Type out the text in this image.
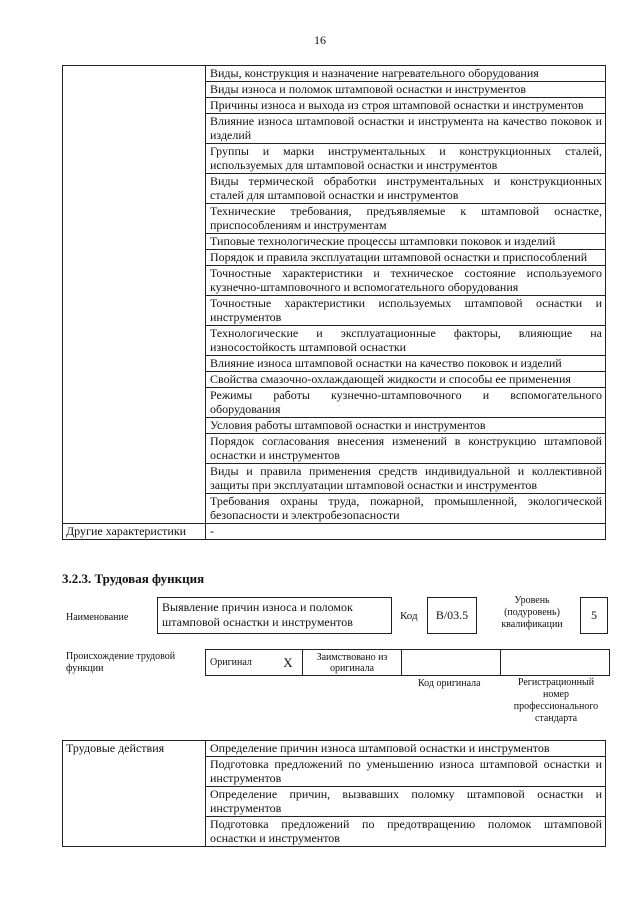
16
	Виды, конструкция и назначение нагревательного оборудования
	Виды износа и поломок штамповой оснастки и инструментов
	Причины износа и выхода из строя штамповой оснастки и инструментов
	Влияние износа штамповой оснастки и инструмента на качество поковок и изделий
	Группы и марки инструментальных и конструкционных сталей, используемых для штамповой оснастки и инструментов
	Виды термической обработки инструментальных и конструкционных сталей для штамповой оснастки и инструментов
	Технические требования, предъявляемые к штамповой оснастке, приспособлениям и инструментам
	Типовые технологические процессы штамповки поковок и изделий
	Порядок и правила эксплуатации штамповой оснастки и приспособлений
	Точностные характеристики и техническое состояние используемого кузнечно-штамповочного и вспомогательного оборудования
	Точностные характеристики используемых штамповой оснастки и инструментов
	Технологические и эксплуатационные факторы, влияющие на износостойкость штамповой оснастки
	Влияние износа штамповой оснастки на качество поковок и изделий
	Свойства смазочно-охлаждающей жидкости и способы ее применения
	Режимы работы кузнечно-штамповочного и вспомогательного оборудования
	Условия работы штамповой оснастки и инструментов
	Порядок согласования внесения изменений в конструкцию штамповой оснастки и инструментов
	Виды и правила применения средств индивидуальной и коллективной защиты при эксплуатации штамповой оснастки и инструментов
	Требования охраны труда, пожарной, промышленной, экологической безопасности и электробезопасности
Другие характеристики	-
3.2.3. Трудовая функция
Наименование
Выявление причин износа и поломок штамповой оснастки и инструментов	Код	B/03.5
Уровень (подуровень) квалификации
5
Происхождение трудовой функции
Оригинал	X	Заимствовано из оригинала		
Код оригинала	Регистрационный номер профессионального стандарта
Трудовые действия	Определение причин износа штамповой оснастки и инструментов
Подготовка предложений по уменьшению износа штамповой оснастки и инструментов
Определение причин, вызвавших поломку штамповой оснастки и инструментов
Подготовка предложений по предотвращению поломок штамповой оснастки и инструментов
